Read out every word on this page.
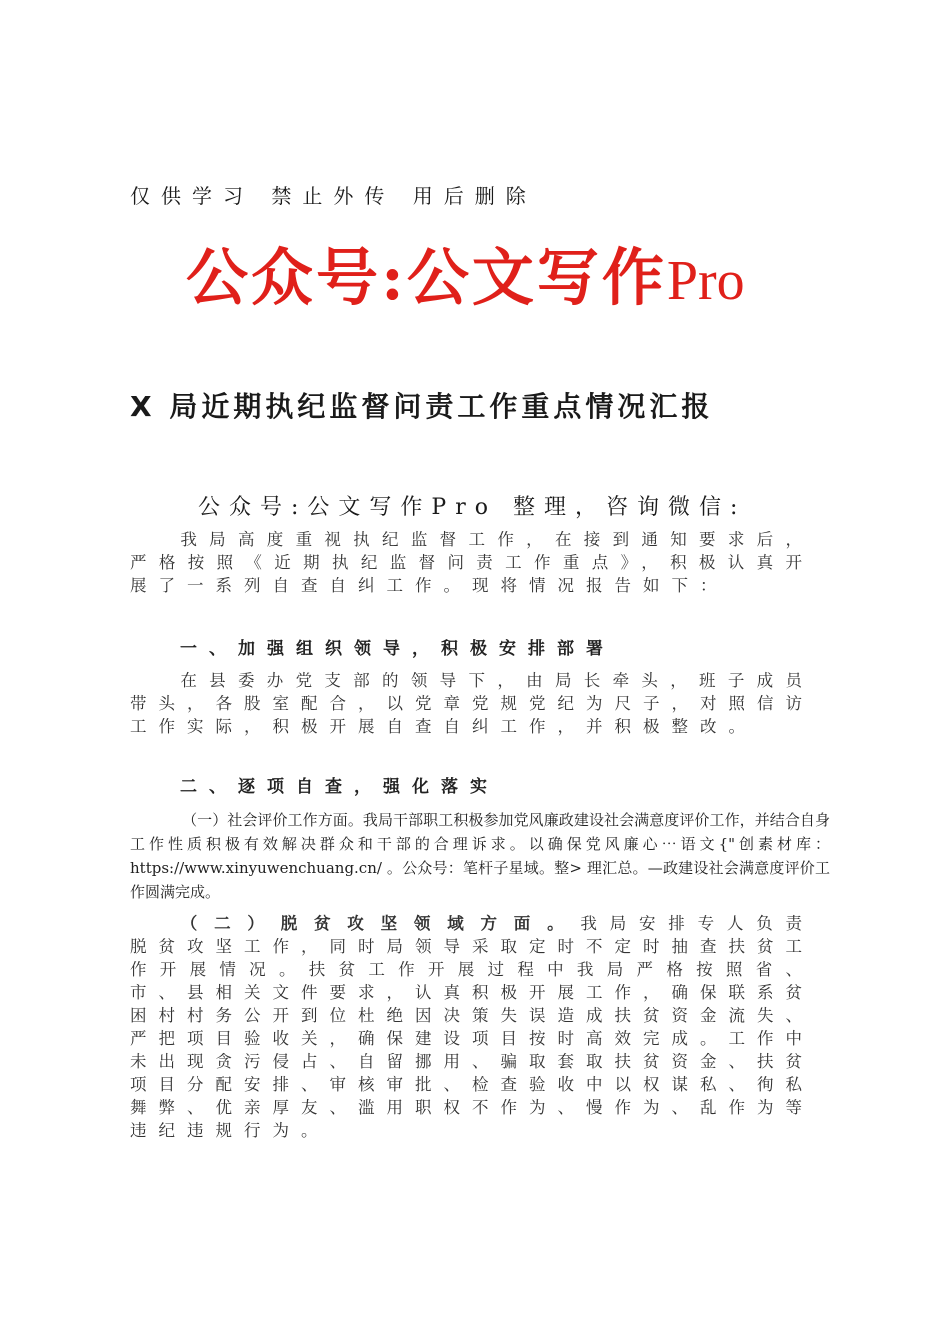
仅供学习 禁止外传 用后删除
公众号:公文写作Pro
X 局近期执纪监督问责工作重点情况汇报
公众号:公文写作Pro 整理，咨询微信:
我局高度重视执纪监督工作，在接到通知要求后，严格按照《近期执纪监督问责工作重点》，积极认真开展了一系列自查自纠工作。现将情况报告如下：
一、加强组织领导，积极安排部署
在县委办党支部的领导下，由局长牵头，班子成员带头，各股室配合，以党章党规党纪为尺子，对照信访工作实际，积极开展自查自纠工作，并积极整改。
二、逐项自查，强化落实
（一）社会评价工作方面。我局干部职工积极参加党风廉政建设社会满意度评价工作，并结合自身工作性质积极有效解决群众和干部的合理诉求。以确保党风廉心⋯语文{"创素材库：https://www.xinyuwenchuang.cn/ 。公众号：笔杆子星域。整> 理汇总。—政建设社会满意度评价工作圆满完成。
（二）脱贫攻坚领域方面。我局安排专人负责脱贫攻坚工作，同时局领导采取定时不定时抽查扶贫工作开展情况。扶贫工作开展过程中我局严格按照省、市、县相关文件要求，认真积极开展工作，确保联系贫困村村务公开到位杜绝因决策失误造成扶贫资金流失、严把项目验收关，确保建设项目按时高效完成。工作中未出现贪污侵占、自留挪用、骗取套取扶贫资金、扶贫项目分配安排、审核审批、检查验收中以权谋私、徇私舞弊、优亲厚友、滥用职权不作为、慢作为、乱作为等违纪违规行为。
